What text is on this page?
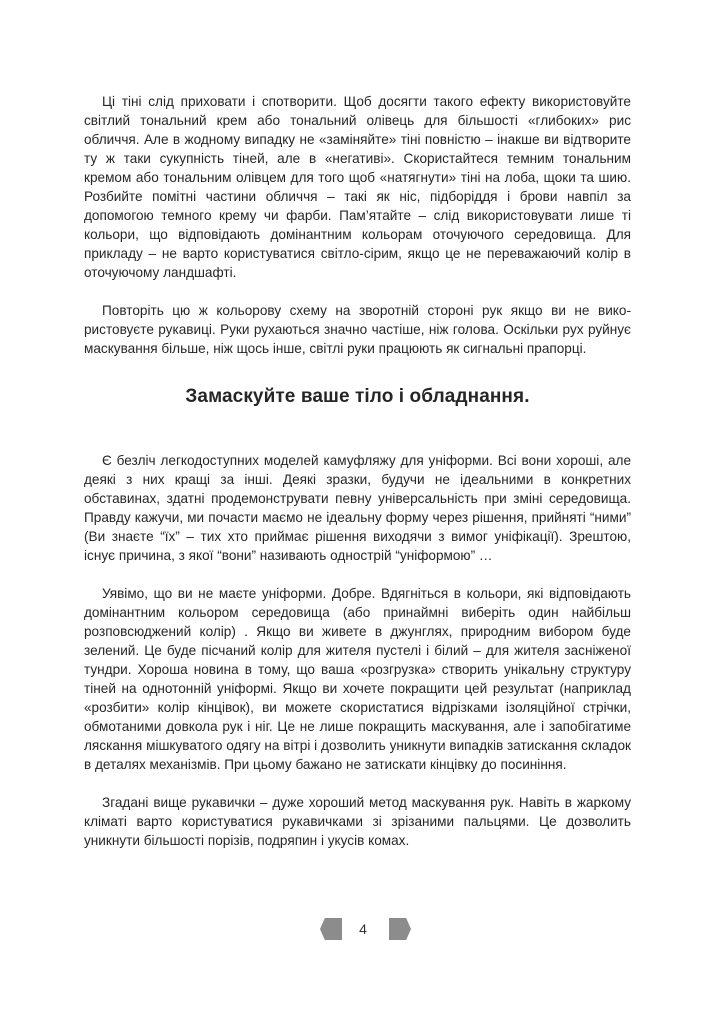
Ці тіні слід приховати і спотворити. Щоб досягти такого ефекту використовуйте світлий тональний крем або тональний олівець для більшості «глибоких» рис обличчя. Але в жодному випадку не «заміняйте» тіні повністю – інакше ви відтворите ту ж таки сукупність тіней, але в «негативі». Скористайтеся темним тональним кремом або тональним олівцем для того щоб «натягнути» тіні на лоба, щоки та шию. Розбийте помітні частини обличчя – такі як ніс, підборіддя і брови навпіл за допомогою темного крему чи фарби. Пам’ятайте – слід використовувати лише ті кольори, що відповідають домінантним кольорам оточуючого середовища. Для прикладу – не варто користуватися світло-сірим, якщо це не переважаючий колір в оточуючому ландшафті.

Повторіть цю ж кольорову схему на зворотній стороні рук якщо ви не використовуєте рукавиці. Руки рухаються значно частіше, ніж голова. Оскільки рух руйнує маскування більше, ніж щось інше, світлі руки працюють як сигнальні прапорці.

Замаскуйте ваше тіло і обладнання.

Є безліч легкодоступних моделей камуфляжу для уніформи. Всі вони хороші, але деякі з них кращі за інші. Деякі зразки, будучи не ідеальними в конкретних обставинах, здатні продемонструвати певну універсальність при зміні середовища. Правду кажучи, ми почасти маємо не ідеальну форму через рішення, прийняті “ними” (Ви знаєте “їх” – тих хто приймає рішення виходячи з вимог уніфікації). Зрештою, існує причина, з якої “вони” називають однострій “уніформою” …

Уявімо, що ви не маєте уніформи. Добре. Вдягніться в кольори, які відповідають домінантним кольором середовища (або принаймні виберіть один найбільш розповсюджений колір) . Якщо ви живете в джунглях, природним вибором буде зелений. Це буде пісчаний колір для жителя пустелі і білий – для жителя засніженої тундри. Хороша новина в тому, що ваша «розгрузка» створить унікальну структуру тіней на однотонній уніформі. Якщо ви хочете покращити цей результат (наприклад «розбити» колір кінцівок), ви можете скористатися відрізками ізоляційної стрічки, обмотаними довкола рук і ніг. Це не лише покращить маскування, але і запобігатиме ляскання мішкуватого одягу на вітрі і дозволить уникнути випадків затискання складок в деталях механізмів. При цьому бажано не затискати кінцівку до посиніння.

Згадані вище рукавички – дуже хороший метод маскування рук. Навіть в жаркому кліматі варто користуватися рукавичками зі зрізаними пальцями. Це дозволить уникнути більшості порізів, подряпин і укусів комах.

4
